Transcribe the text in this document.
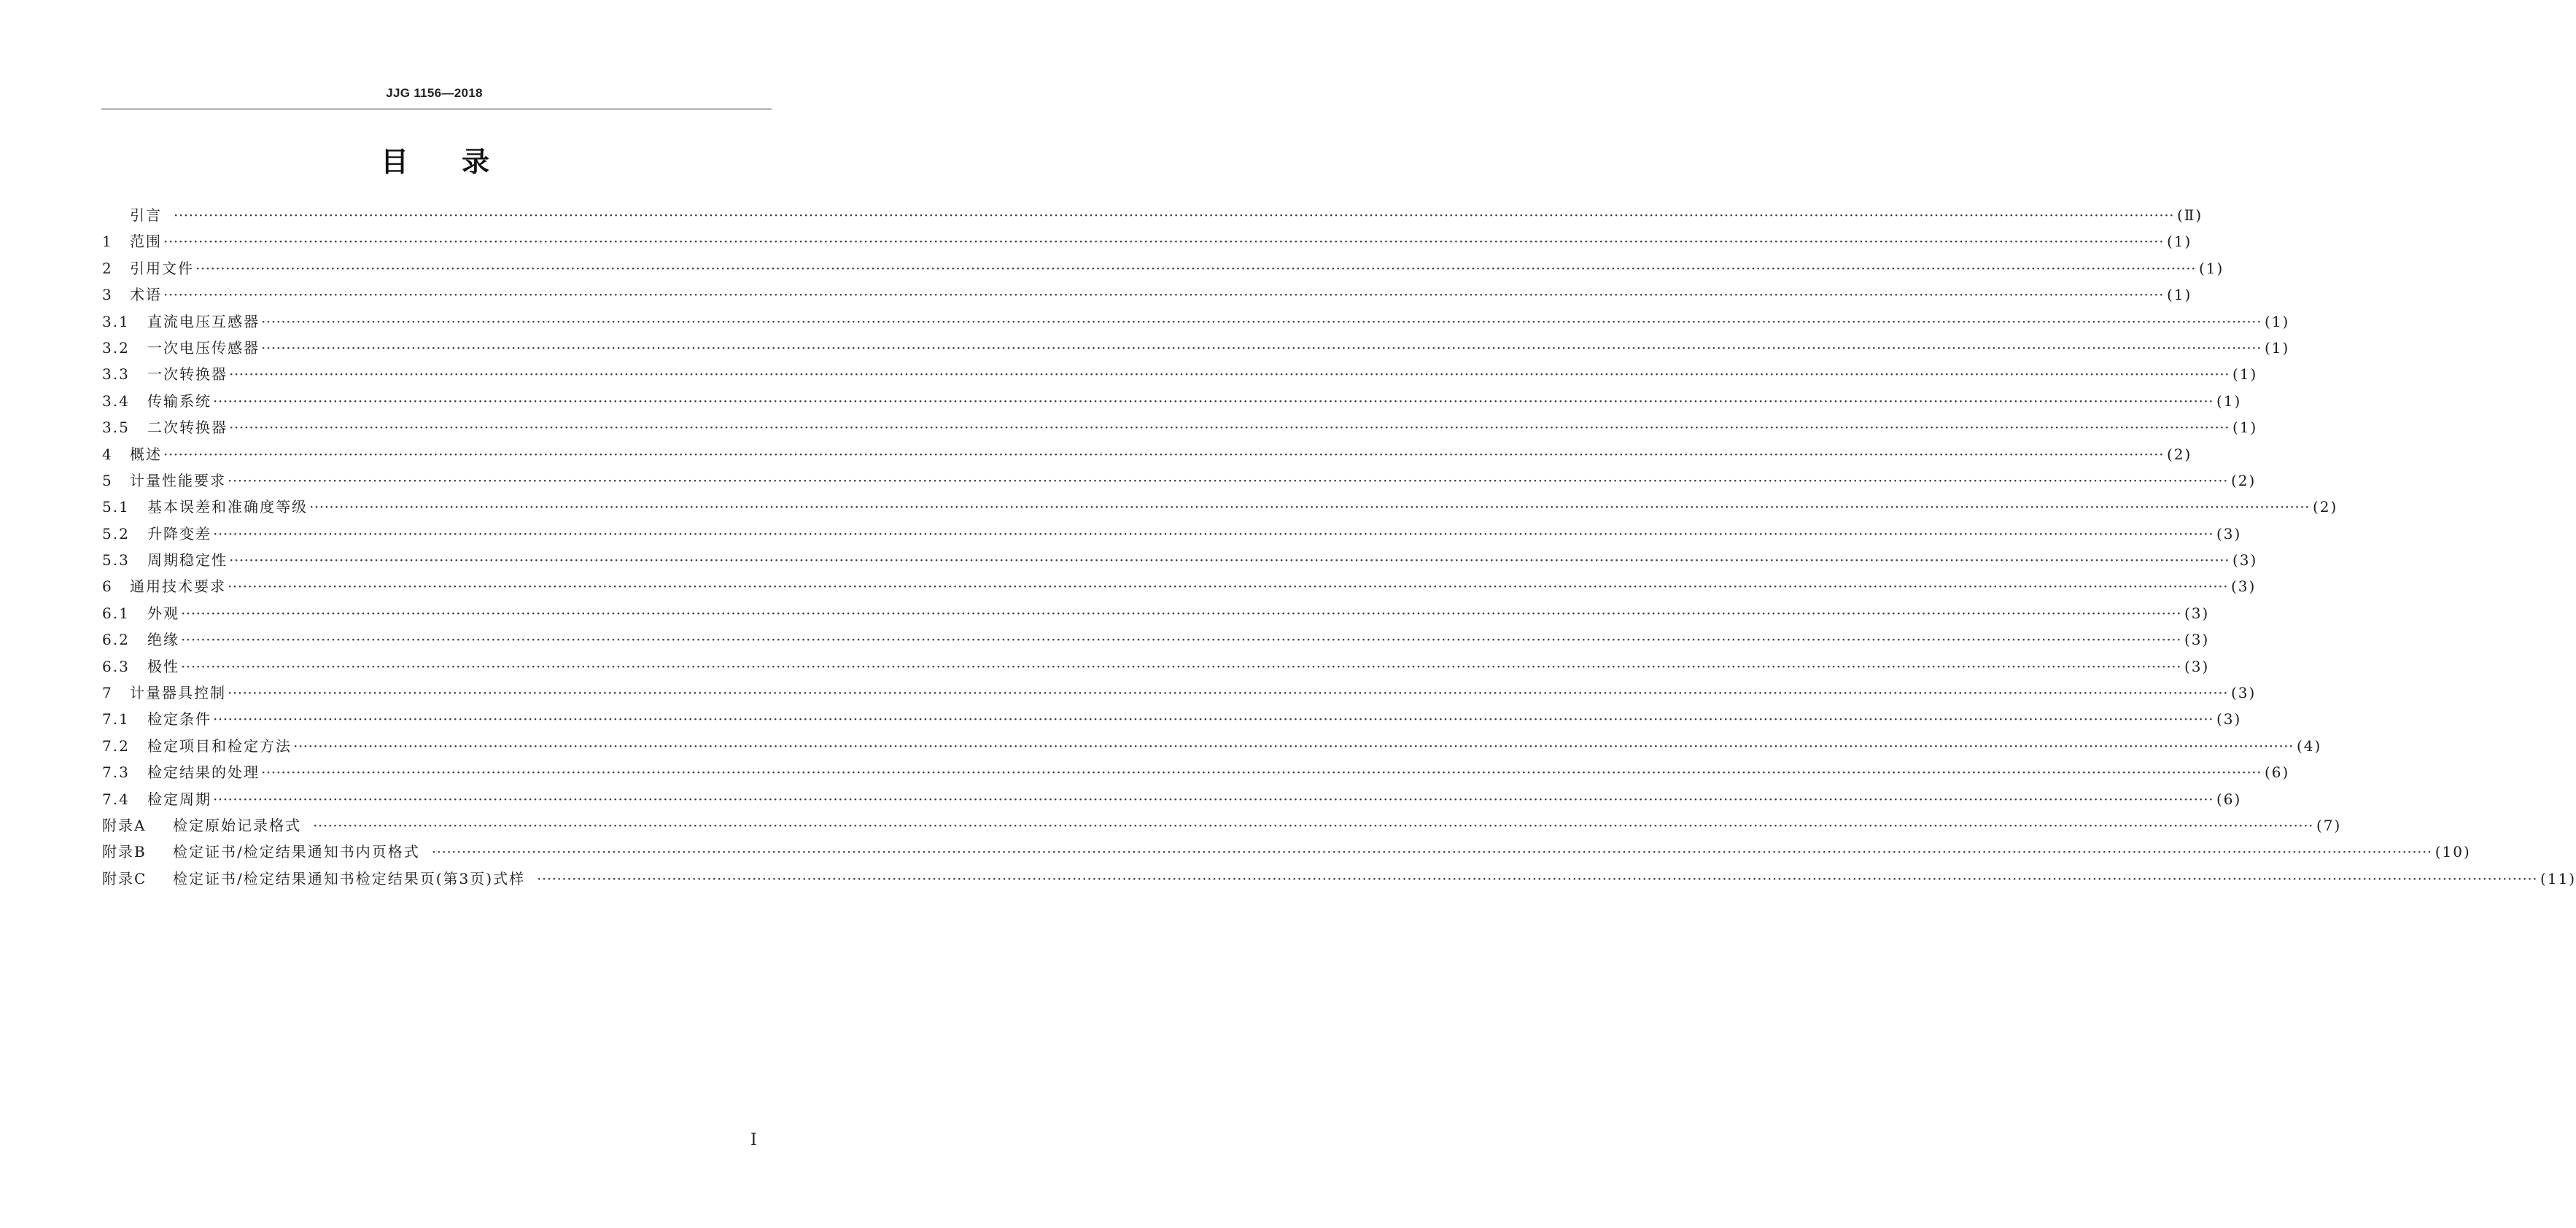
JJG 1156—2018
目 录
引言 ················································································································································································································································································································································································································ (Ⅱ)
1	范围 ················································································································································································································································································································································································································ (1)
2	引用文件 ················································································································································································································································································································································································································ (1)
3	术语 ················································································································································································································································································································································································································ (1)
3.1	直流电压互感器 ················································································································································································································································································································································································································ (1)
3.2	一次电压传感器 ················································································································································································································································································································································································································ (1)
3.3	一次转换器 ················································································································································································································································································································································································································ (1)
3.4	传输系统 ················································································································································································································································································································································································································ (1)
3.5	二次转换器 ················································································································································································································································································································································································································ (1)
4	概述 ················································································································································································································································································································································································································ (2)
5	计量性能要求 ················································································································································································································································································································································································································ (2)
5.1	基本误差和准确度等级 ················································································································································································································································································································································································································ (2)
5.2	升降变差 ················································································································································································································································································································································································································ (3)
5.3	周期稳定性 ················································································································································································································································································································································································································ (3)
6	通用技术要求 ················································································································································································································································································································································································································ (3)
6.1	外观 ················································································································································································································································································································································································································ (3)
6.2	绝缘 ················································································································································································································································································································································································································ (3)
6.3	极性 ················································································································································································································································································································································································································ (3)
7	计量器具控制 ················································································································································································································································································································································································································ (3)
7.1	检定条件 ················································································································································································································································································································································································································ (3)
7.2	检定项目和检定方法 ················································································································································································································································································································································································································ (4)
7.3	检定结果的处理 ················································································································································································································································································································································································································ (6)
7.4	检定周期 ················································································································································································································································································································································································································ (6)
附录A	检定原始记录格式 ················································································································································································································································································································································································································ (7)
附录B	检定证书/检定结果通知书内页格式 ················································································································································································································································································································································································································ (10)
附录C	检定证书/检定结果通知书检定结果页(第3页)式样 ················································································································································································································································································································································································································ (11)
I
